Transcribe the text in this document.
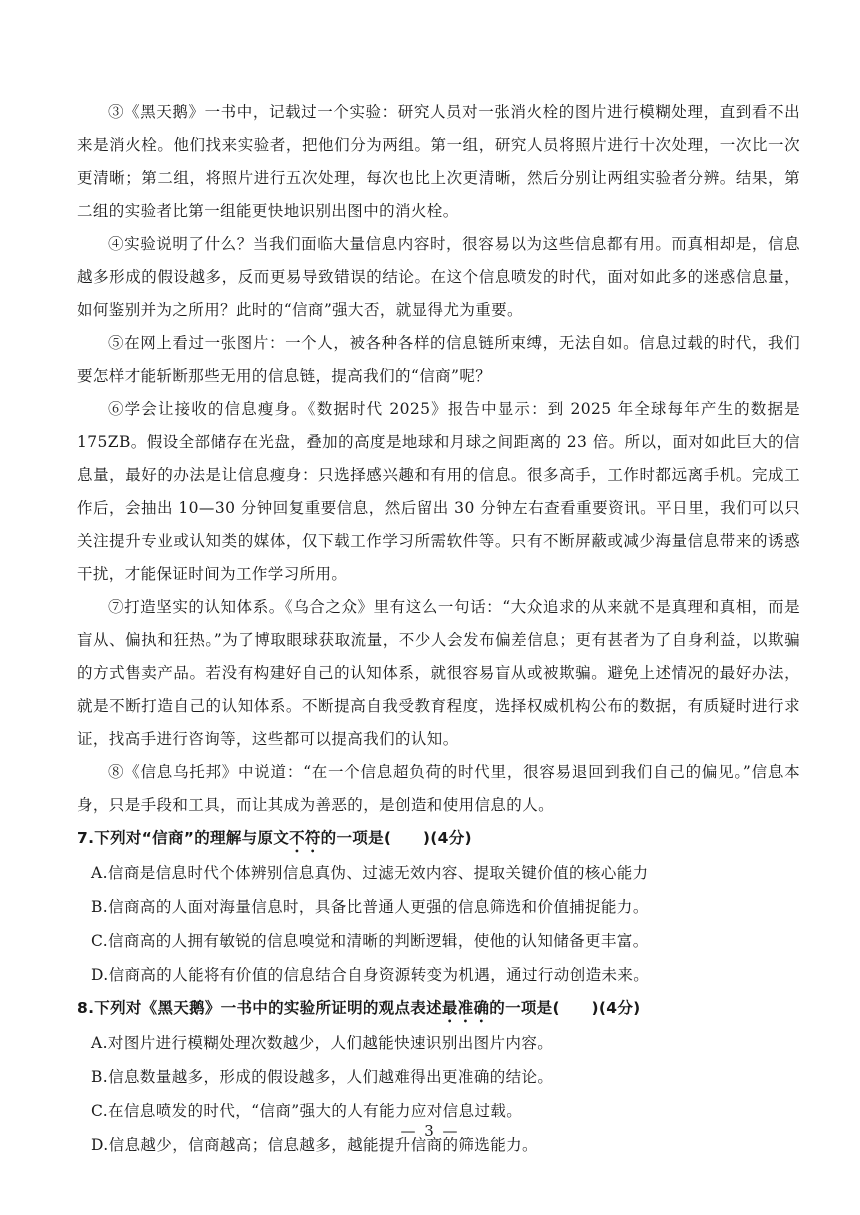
③《黑天鹅》一书中，记载过一个实验：研究人员对一张消火栓的图片进行模糊处理，直到看不出来是消火栓。他们找来实验者，把他们分为两组。第一组，研究人员将照片进行十次处理，一次比一次更清晰；第二组，将照片进行五次处理，每次也比上次更清晰，然后分别让两组实验者分辨。结果，第二组的实验者比第一组能更快地识别出图中的消火栓。

④实验说明了什么？当我们面临大量信息内容时，很容易以为这些信息都有用。而真相却是，信息越多形成的假设越多，反而更易导致错误的结论。在这个信息喷发的时代，面对如此多的迷惑信息量，如何鉴别并为之所用？此时的“信商”强大否，就显得尤为重要。

⑤在网上看过一张图片：一个人，被各种各样的信息链所束缚，无法自如。信息过载的时代，我们要怎样才能斩断那些无用的信息链，提高我们的“信商”呢？

⑥学会让接收的信息瘦身。《数据时代 2025》报告中显示：到 2025 年全球每年产生的数据是175ZB。假设全部储存在光盘，叠加的高度是地球和月球之间距离的 23 倍。所以，面对如此巨大的信息量，最好的办法是让信息瘦身：只选择感兴趣和有用的信息。很多高手，工作时都远离手机。完成工作后，会抽出 10—30 分钟回复重要信息，然后留出 30 分钟左右查看重要资讯。平日里，我们可以只关注提升专业或认知类的媒体，仅下载工作学习所需软件等。只有不断屏蔽或减少海量信息带来的诱惑干扰，才能保证时间为工作学习所用。

⑦打造坚实的认知体系。《乌合之众》里有这么一句话：“大众追求的从来就不是真理和真相，而是盲从、偏执和狂热。”为了博取眼球获取流量，不少人会发布偏差信息；更有甚者为了自身利益，以欺骗的方式售卖产品。若没有构建好自己的认知体系，就很容易盲从或被欺骗。避免上述情况的最好办法，就是不断打造自己的认知体系。不断提高自我受教育程度，选择权威机构公布的数据，有质疑时进行求证，找高手进行咨询等，这些都可以提高我们的认知。

⑧《信息乌托邦》中说道：“在一个信息超负荷的时代里，很容易退回到我们自己的偏见。”信息本身，只是手段和工具，而让其成为善恶的，是创造和使用信息的人。

7.下列对“信商”的理解与原文不符的一项是(　　)(4分)

A.信商是信息时代个体辨别信息真伪、过滤无效内容、提取关键价值的核心能力

B.信商高的人面对海量信息时，具备比普通人更强的信息筛选和价值捕捉能力。

C.信商高的人拥有敏锐的信息嗅觉和清晰的判断逻辑，使他的认知储备更丰富。

D.信商高的人能将有价值的信息结合自身资源转变为机遇，通过行动创造未来。

8.下列对《黑天鹅》一书中的实验所证明的观点表述最准确的一项是(　　)(4分)

A.对图片进行模糊处理次数越少，人们越能快速识别出图片内容。

B.信息数量越多，形成的假设越多，人们越难得出更准确的结论。

C.在信息喷发的时代，“信商”强大的人有能力应对信息过载。

D.信息越少，信商越高；信息越多，越能提升信商的筛选能力。

— 3 —
